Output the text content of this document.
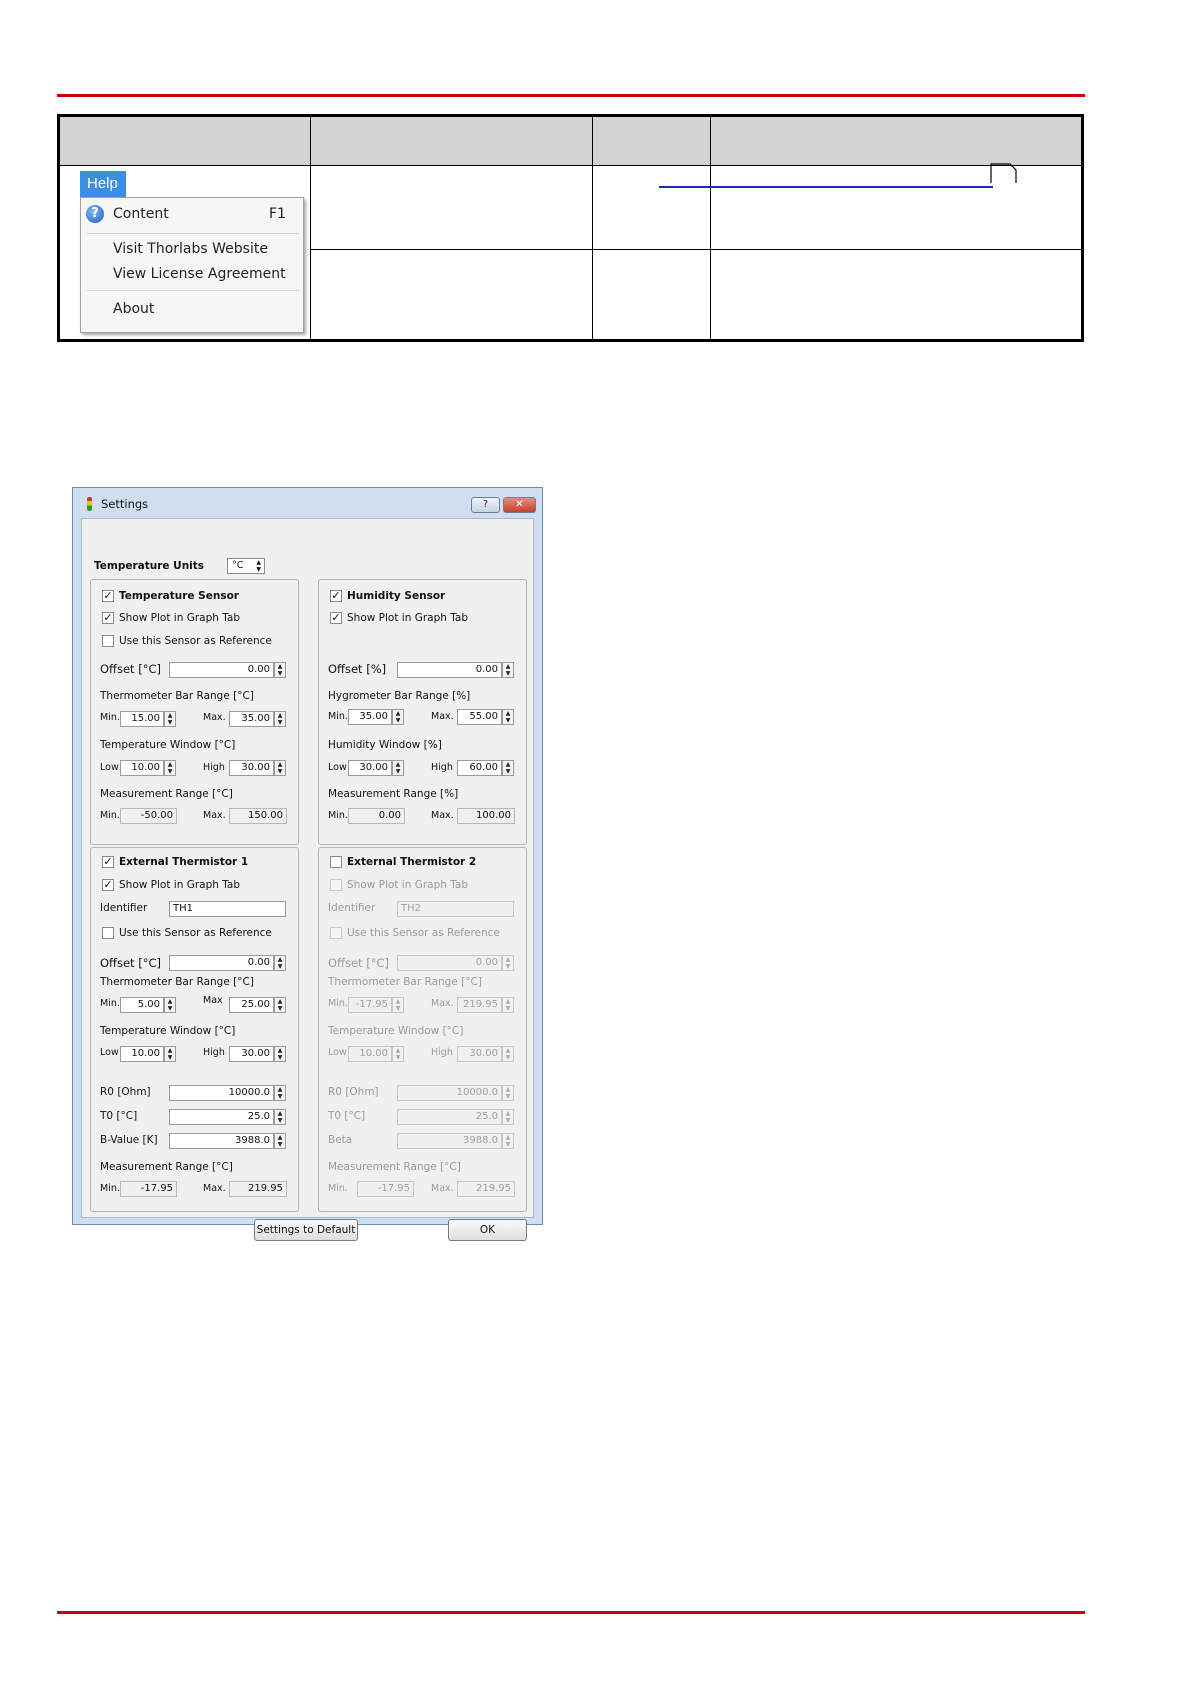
Help
?	Content	F1
Visit Thorlabs Website
View License Agreement
About
Settings	?	✕
Temperature Units	°C ▲
▼
✓ Temperature Sensor
✓ Show Plot in Graph Tab
Use this Sensor as Reference
Offset [°C]	0.00	▲
▼
Thermometer Bar Range [°C]
Min.	15.00	▲
▼	Max.	35.00	▲
▼
Temperature Window [°C]
Low	10.00	▲
▼	High	30.00	▲
▼
Measurement Range [°C]
Min.	-50.00	Max.	150.00
✓ Humidity Sensor
✓ Show Plot in Graph Tab
Offset [%]	0.00	▲
▼
Hygrometer Bar Range [%]
Min.	35.00	▲
▼	Max.	55.00	▲
▼
Humidity Window [%]
Low	30.00	▲
▼	High	60.00	▲
▼
Measurement Range [%]
Min.	0.00	Max.	100.00
✓ External Thermistor 1
✓ Show Plot in Graph Tab
Identifier	TH1
Use this Sensor as Reference
Offset [°C]	0.00	▲
▼
Thermometer Bar Range [°C]
Min.	5.00	▲
▼
Max	25.00	▲
▼
Temperature Window [°C]
Low	10.00	▲
▼	High	30.00	▲
▼
R0 [Ohm]	10000.0	▲
▼
T0 [°C]	25.0	▲
▼
B-Value [K]	3988.0	▲
▼
Measurement Range [°C]
Min.	-17.95	Max.	219.95
External Thermistor 2
Show Plot in Graph Tab
Identifier	TH2
Use this Sensor as Reference
Offset [°C]	0.00	▲
▼
Thermometer Bar Range [°C]
Min. -17.95	▲
▼	Max. 219.95	▲
▼
Temperature Window [°C]
Low	10.00	▲
▼	High	30.00	▲
▼
R0 [Ohm]	10000.0	▲
▼
T0 [°C]	25.0	▲
▼
Beta	3988.0	▲
▼
Measurement Range [°C]
Min.	-17.95	Max.	219.95
Settings to Default	OK
